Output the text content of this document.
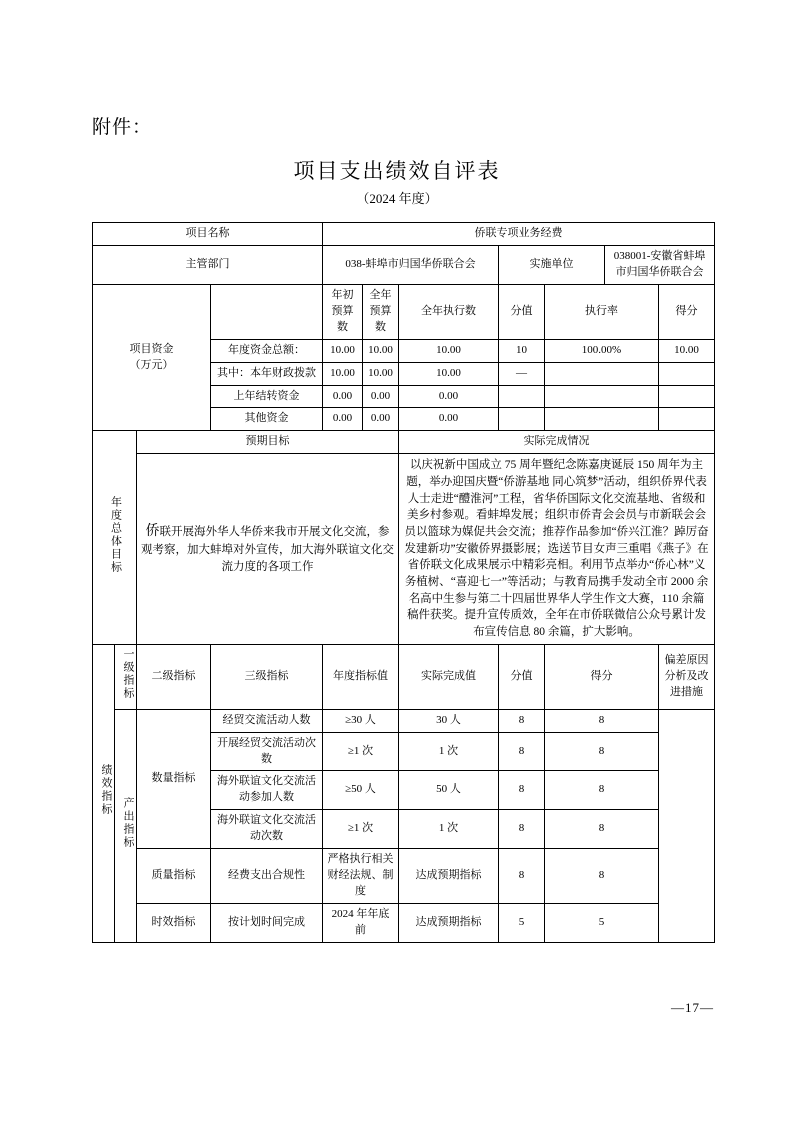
附件：
项目支出绩效自评表
（2024 年度）
项目名称				侨联专项业务经费						
主管部门				038-蚌埠市归国华侨联合会			实施单位		038001-安徽省蚌埠市归国华侨联合会	

项目资金
（万元）				年初预算数	全年预算数	全年执行数	分值	执行率		得分
			年度资金总额：	10.00	10.00	10.00	10	100.00%		10.00
			其中：本年财政拨款	10.00	10.00	10.00	—			
			上年结转资金	0.00	0.00	0.00				
			其他资金	0.00	0.00	0.00				
年度总体目标		预期目标				实际完成情况				
		侨联开展海外华人华侨来我市开展文化交流，参观考察，加大蚌埠对外宣传，加大海外联谊文化交流力度的各项工作				以庆祝新中国成立 75 周年暨纪念陈嘉庚诞辰 150 周年为主题，举办迎国庆暨“侨游基地 同心筑梦”活动，组织侨界代表人士走进“醴淮河”工程，省华侨国际文化交流基地、省级和美乡村参观。看蚌埠发展；组织市侨青会会员与市新联会会员以篮球为媒促共会交流；推荐作品参加“侨兴江淮？踔厉奋发建新功”安徽侨界摄影展；选送节目女声三重唱《燕子》在省侨联文化成果展示中精彩亮相。利用节点举办“侨心林”义务植树、“喜迎七一”等活动；与教育局携手发动全市 2000 余名高中生参与第二十四届世界华人学生作文大赛，110 余篇稿件获奖。提升宣传质效，全年在市侨联微信公众号累计发布宣传信息 80 余篇，扩大影响。				
绩效指标	一级指标	二级指标	三级指标	年度指标值		实际完成值	分值	得分		偏差原因分析及改进措施
	产出指标	数量指标	经贸交流活动人数	≥30 人		30 人	8	8		
			开展经贸交流活动次数	≥1 次		1 次	8	8		
			海外联谊文化交流活动参加人数	≥50 人		50 人	8	8		
			海外联谊文化交流活动次数	≥1 次		1 次	8	8		
		质量指标	经费支出合规性	严格执行相关财经法规、制度		达成预期指标	8	8		
		时效指标	按计划时间完成	2024 年年底前		达成预期指标	5	5		
—17—
